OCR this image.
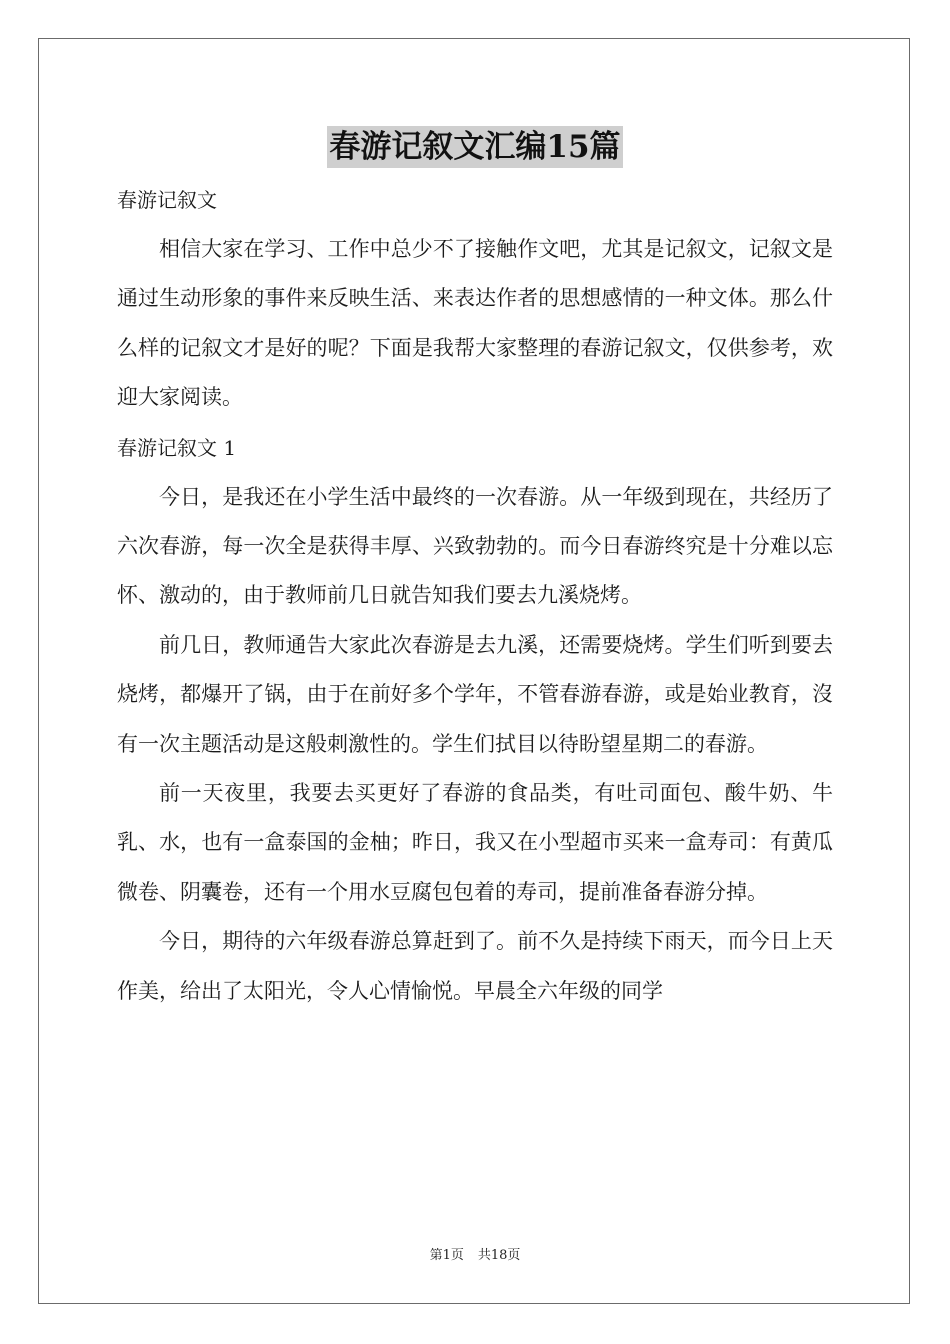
春游记叙文汇编15篇

春游记叙文

相信大家在学习、工作中总少不了接触作文吧，尤其是记叙文，记叙文是通过生动形象的事件来反映生活、来表达作者的思想感情的一种文体。那么什么样的记叙文才是好的呢？下面是我帮大家整理的春游记叙文，仅供参考，欢迎大家阅读。

春游记叙文 1

今日，是我还在小学生活中最终的一次春游。从一年级到现在，共经历了六次春游，每一次全是获得丰厚、兴致勃勃的。而今日春游终究是十分难以忘怀、激动的，由于教师前几日就告知我们要去九溪烧烤。

前几日，教师通告大家此次春游是去九溪，还需要烧烤。学生们听到要去烧烤，都爆开了锅，由于在前好多个学年，不管春游春游，或是始业教育，沒有一次主题活动是这般刺激性的。学生们拭目以待盼望星期二的春游。

前一天夜里，我要去买更好了春游的食品类，有吐司面包、酸牛奶、牛乳、水，也有一盒泰国的金柚；昨日，我又在小型超市买来一盒寿司：有黄瓜微卷、阴囊卷，还有一个用水豆腐包包着的寿司，提前准备春游分掉。

今日，期待的六年级春游总算赶到了。前不久是持续下雨天，而今日上天作美，给出了太阳光，令人心情愉悦。早晨全六年级的同学

第1页 共18页
